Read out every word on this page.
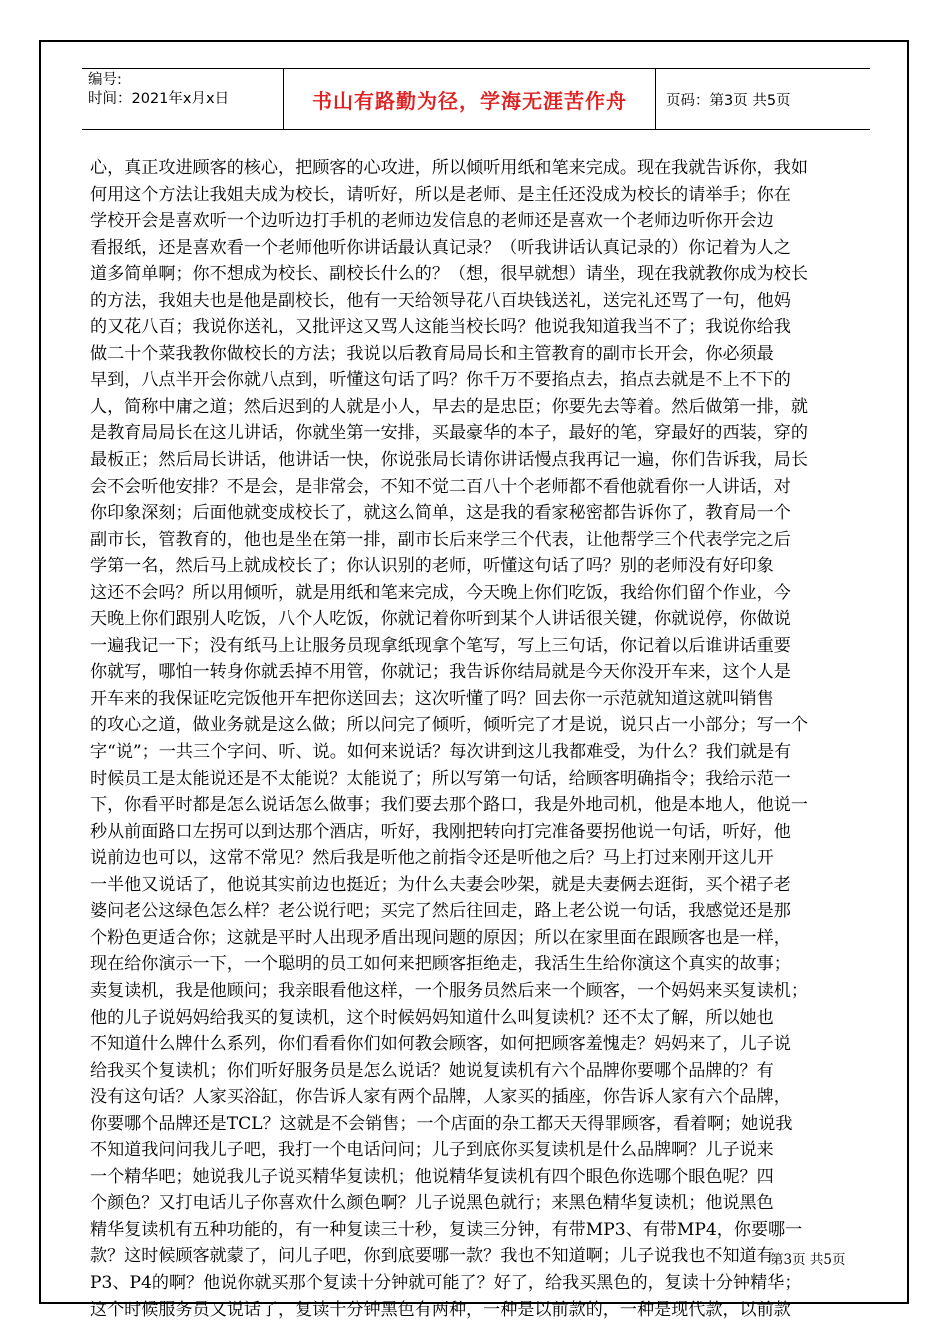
编号:
时间：2021年x月x日	书山有路勤为径，学海无涯苦作舟	页码：第3页 共5页
心，真正攻进顾客的核心，把顾客的心攻进，所以倾听用纸和笔来完成。现在我就告诉你，我如
何用这个方法让我姐夫成为校长，请听好，所以是老师、是主任还没成为校长的请举手；你在
学校开会是喜欢听一个边听边打手机的老师边发信息的老师还是喜欢一个老师边听你开会边
看报纸，还是喜欢看一个老师他听你讲话最认真记录？（听我讲话认真记录的）你记着为人之
道多简单啊；你不想成为校长、副校长什么的？（想，很早就想）请坐，现在我就教你成为校长
的方法，我姐夫也是他是副校长，他有一天给领导花八百块钱送礼，送完礼还骂了一句，他妈
的又花八百；我说你送礼，又批评这又骂人这能当校长吗？他说我知道我当不了；我说你给我
做二十个菜我教你做校长的方法；我说以后教育局局长和主管教育的副市长开会，你必须最
早到，八点半开会你就八点到，听懂这句话了吗？你千万不要掐点去，掐点去就是不上不下的
人，简称中庸之道；然后迟到的人就是小人，早去的是忠臣；你要先去等着。然后做第一排，就
是教育局局长在这儿讲话，你就坐第一安排，买最豪华的本子，最好的笔，穿最好的西装，穿的
最板正；然后局长讲话，他讲话一快，你说张局长请你讲话慢点我再记一遍，你们告诉我，局长
会不会听他安排？不是会，是非常会，不知不觉二百八十个老师都不看他就看你一人讲话，对
你印象深刻；后面他就变成校长了，就这么简单，这是我的看家秘密都告诉你了，教育局一个
副市长，管教育的，他也是坐在第一排，副市长后来学三个代表，让他帮学三个代表学完之后
学第一名，然后马上就成校长了；你认识别的老师，听懂这句话了吗？别的老师没有好印象
这还不会吗？所以用倾听，就是用纸和笔来完成，今天晚上你们吃饭，我给你们留个作业，今
天晚上你们跟别人吃饭，八个人吃饭，你就记着你听到某个人讲话很关键，你就说停，你做说
一遍我记一下；没有纸马上让服务员现拿纸现拿个笔写，写上三句话，你记着以后谁讲话重要
你就写，哪怕一转身你就丢掉不用管，你就记；我告诉你结局就是今天你没开车来，这个人是
开车来的我保证吃完饭他开车把你送回去；这次听懂了吗？回去你一示范就知道这就叫销售
的攻心之道，做业务就是这么做；所以问完了倾听，倾听完了才是说，说只占一小部分；写一个
字“说”；一共三个字问、听、说。如何来说话？每次讲到这儿我都难受，为什么？我们就是有
时候员工是太能说还是不太能说？太能说了；所以写第一句话，给顾客明确指令；我给示范一
下，你看平时都是怎么说话怎么做事；我们要去那个路口，我是外地司机，他是本地人，他说一
秒从前面路口左拐可以到达那个酒店，听好，我刚把转向打完准备要拐他说一句话，听好，他
说前边也可以，这常不常见？然后我是听他之前指令还是听他之后？马上打过来刚开这儿开
一半他又说话了，他说其实前边也挺近；为什么夫妻会吵架，就是夫妻俩去逛街，买个裙子老
婆问老公这绿色怎么样？老公说行吧；买完了然后往回走，路上老公说一句话，我感觉还是那
个粉色更适合你；这就是平时人出现矛盾出现问题的原因；所以在家里面在跟顾客也是一样，
现在给你演示一下，一个聪明的员工如何来把顾客拒绝走，我活生生给你演这个真实的故事；
卖复读机，我是他顾问；我亲眼看他这样，一个服务员然后来一个顾客，一个妈妈来买复读机；
他的儿子说妈妈给我买的复读机，这个时候妈妈知道什么叫复读机？还不太了解，所以她也
不知道什么牌什么系列，你们看看你们如何教会顾客，如何把顾客羞愧走？妈妈来了，儿子说
给我买个复读机；你们听好服务员是怎么说话？她说复读机有六个品牌你要哪个品牌的？有
没有这句话？人家买浴缸，你告诉人家有两个品牌，人家买的插座，你告诉人家有六个品牌，
你要哪个品牌还是TCL？这就是不会销售；一个店面的杂工都天天得罪顾客，看着啊；她说我
不知道我问问我儿子吧，我打一个电话问问；儿子到底你买复读机是什么品牌啊？儿子说来
一个精华吧；她说我儿子说买精华复读机；他说精华复读机有四个眼色你选哪个眼色呢？四
个颜色？又打电话儿子你喜欢什么颜色啊？儿子说黑色就行；来黑色精华复读机；他说黑色
精华复读机有五种功能的，有一种复读三十秒，复读三分钟，有带MP3、有带MP4，你要哪一
款？这时候顾客就蒙了，问儿子吧，你到底要哪一款？我也不知道啊；儿子说我也不知道有
P3、P4的啊？他说你就买那个复读十分钟就可能了？好了，给我买黑色的，复读十分钟精华；
这个时候服务员又说话了，复读十分钟黑色有两种，一种是以前款的，一种是现代款，以前款
第3页 共5页
